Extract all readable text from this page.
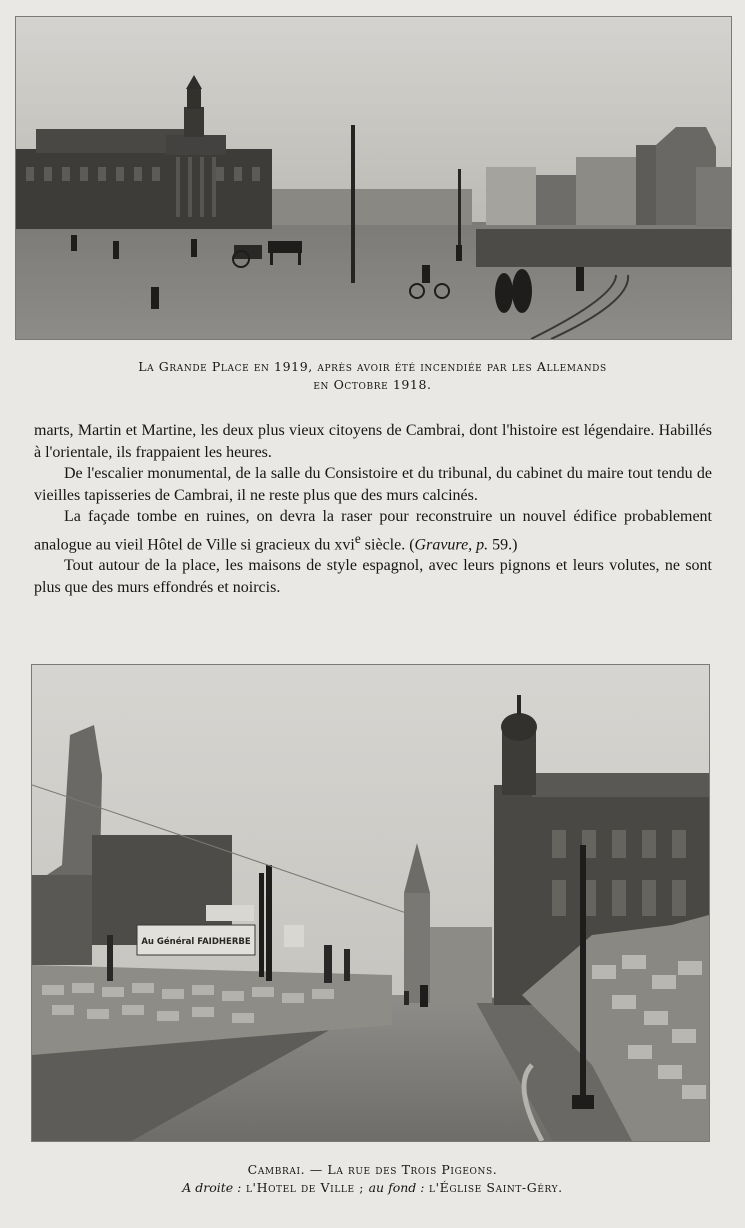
La Grande Place en 1919, après avoir été incendiée par les Allemands
en Octobre 1918.

marts, Martin et Martine, les deux plus vieux citoyens de Cambrai, dont l'histoire est légendaire. Habillés à l'orientale, ils frappaient les heures.

De l'escalier monumental, de la salle du Consistoire et du tribunal, du cabinet du maire tout tendu de vieilles tapisseries de Cambrai, il ne reste plus que des murs calcinés.

La façade tombe en ruines, on devra la raser pour reconstruire un nouvel édifice probablement analogue au vieil Hôtel de Ville si gracieux du xvi$^e$ siècle. (Gravure, p. 59.)

Tout autour de la place, les maisons de style espagnol, avec leurs pignons et leurs volutes, ne sont plus que des murs effondrés et noircis.

Au Général FAIDHERBE
Cambrai. — La rue des Trois Pigeons.
A droite : l'Hotel de Ville ; au fond : l'Église Saint-Géry.
